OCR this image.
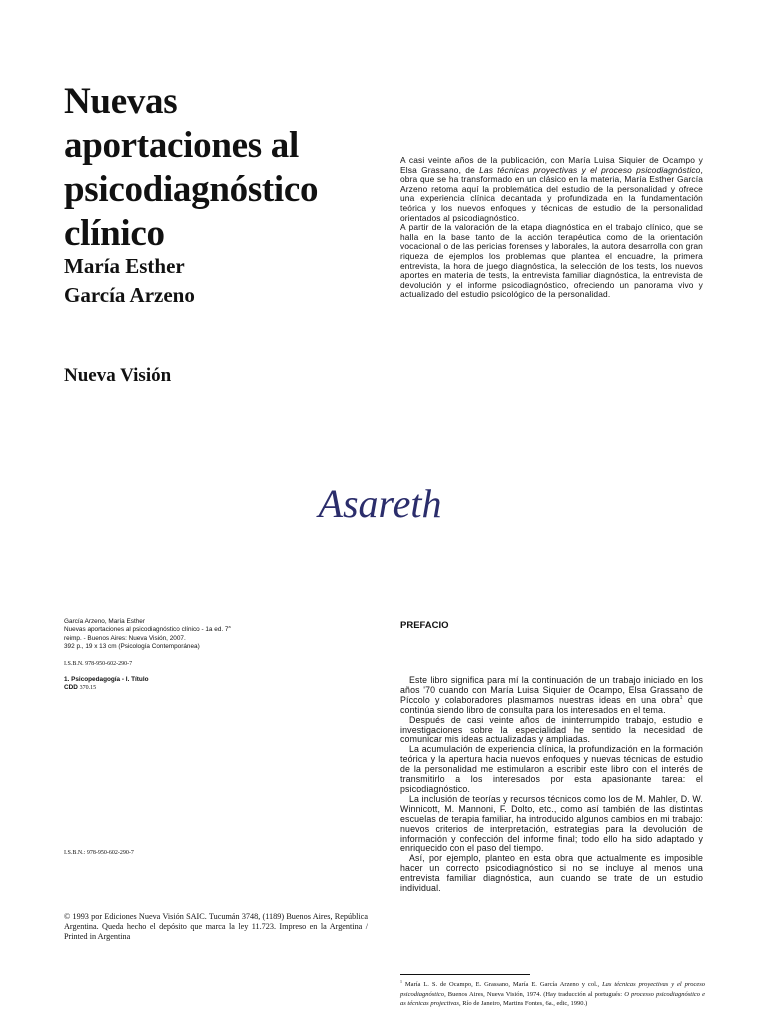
Nuevas
aportaciones al
psicodiagnóstico
clínico
María Esther
García Arzeno
Nueva Visión

A casi veinte años de la publicación, con María Luisa Siquier de Ocampo y Elsa Grassano, de Las técnicas proyectivas y el proceso psicodiagnóstico, obra que se ha transformado en un clásico en la materia, María Esther García Arzeno retoma aquí la problemática del estudio de la personalidad y ofrece una experiencia clínica decantada y profundizada en la fundamentación teórica y los nuevos enfoques y técnicas de estudio de la personalidad orientados al psicodiagnóstico.

A partir de la valoración de la etapa diagnóstica en el trabajo clínico, que se halla en la base tanto de la acción terapéutica como de la orientación vocacional o de las pericias forenses y laborales, la autora desarrolla con gran riqueza de ejemplos los problemas que plantea el encuadre, la primera entrevista, la hora de juego diagnóstica, la selección de los tests, los nuevos aportes en materia de tests, la entrevista familiar diagnóstica, la entrevista de devolución y el informe psicodiagnóstico, ofreciendo un panorama vivo y actualizado del estudio psicológico de la personalidad.

Asareth
García Arzeno, María Esther
Nuevas aportaciones al psicodiagnóstico clínico - 1a ed. 7$^a$
reimp. - Buenos Aires: Nueva Visión, 2007.
392 p., 19 x 13 cm (Psicología Contemporánea)
I.S.B.N. 978-950-602-290-7
1. Psicopedagogía - I. Título
CDD 370.15
I.S.B.N.: 978-950-602-290-7
© 1993 por Ediciones Nueva Visión SAIC. Tucumán 3748, (1189) Buenos Aires, República Argentina. Queda hecho el depósito que marca la ley 11.723. Impreso en la Argentina / Printed in Argentina
PREFACIO

Este libro significa para mí la continuación de un trabajo iniciado en los años '70 cuando con María Luisa Siquier de Ocampo, Elsa Grassano de Píccolo y colaboradores plasmamos nuestras ideas en una obra$^1$ que continúa siendo libro de consulta para los interesados en el tema.

Después de casi veinte años de ininterrumpido trabajo, estudio e investigaciones sobre la especialidad he sentido la necesidad de comunicar mis ideas actualizadas y ampliadas.

La acumulación de experiencia clínica, la profundización en la formación teórica y la apertura hacia nuevos enfoques y nuevas técnicas de estudio de la personalidad me estimularon a escribir este libro con el interés de transmitirlo a los interesados por esta apasionante tarea: el psicodiagnóstico.

La inclusión de teorías y recursos técnicos como los de M. Mahler, D. W. Winnicott, M. Mannoni, F. Dolto, etc., como así también de las distintas escuelas de terapia familiar, ha introducido algunos cambios en mi trabajo: nuevos criterios de interpretación, estrategias para la devolución de información y confección del informe final; todo ello ha sido adaptado y enriquecido con el paso del tiempo.

Así, por ejemplo, planteo en esta obra que actualmente es imposible hacer un correcto psicodiagnóstico si no se incluye al menos una entrevista familiar diagnóstica, aun cuando se trate de un estudio individual.

$^1$ María L. S. de Ocampo, E. Grassano, María E. García Arzeno y col., Las técnicas proyectivas y el proceso psicodiagnóstico, Buenos Aires, Nueva Visión, 1974. (Hay traducción al portugués: O processo psicodiagnóstico e as técnicas projectivas, Río de Janeiro, Martins Fontes, 6a., edic, 1990.)
